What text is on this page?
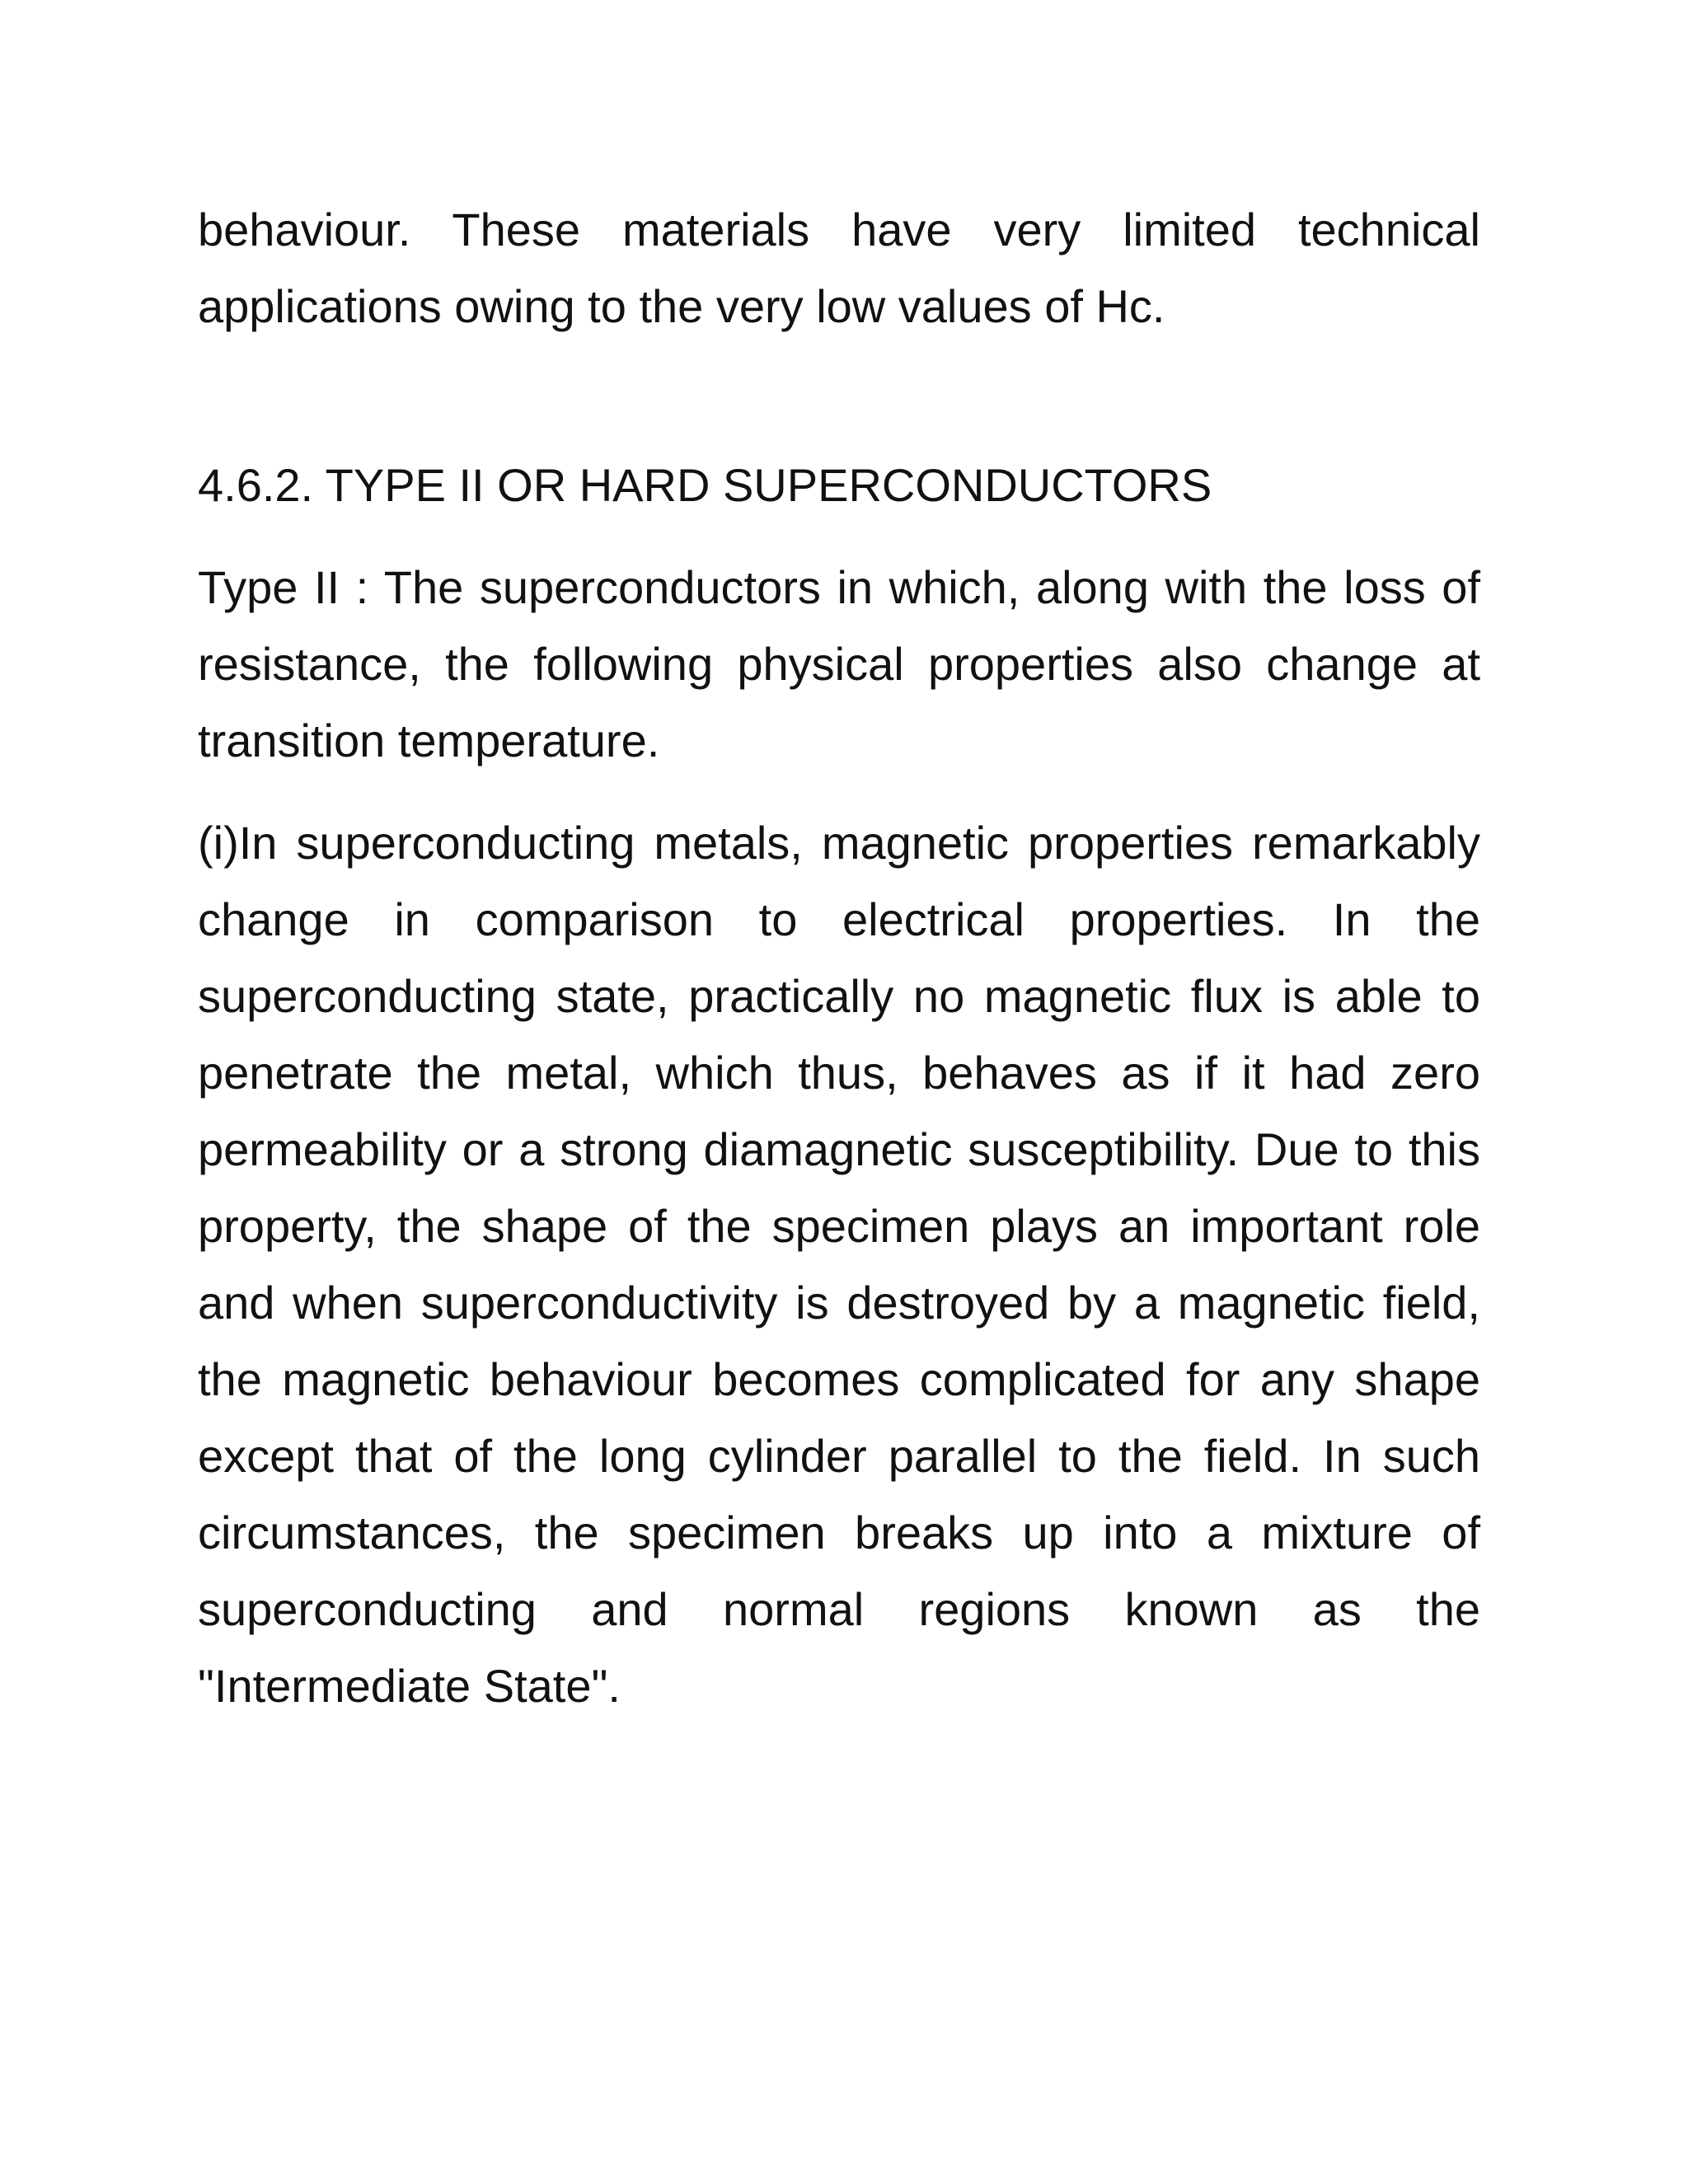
behaviour. These materials have very limited technical applications owing to the very low values of Hc.

4.6.2. TYPE II OR HARD SUPERCONDUCTORS

Type II : The superconductors in which, along with the loss of resistance, the following physical properties also change at transition temperature.

(i)In superconducting metals, magnetic properties remarkably change in comparison to electrical properties. In the superconducting state, practically no magnetic flux is able to penetrate the metal, which thus, behaves as if it had zero permeability or a strong diamagnetic susceptibility. Due to this property, the shape of the specimen plays an important role and when superconductivity is destroyed by a magnetic field, the magnetic behaviour becomes complicated for any shape except that of the long cylinder parallel to the field. In such circumstances, the specimen breaks up into a mixture of superconducting and normal regions known as the "Intermediate State".
